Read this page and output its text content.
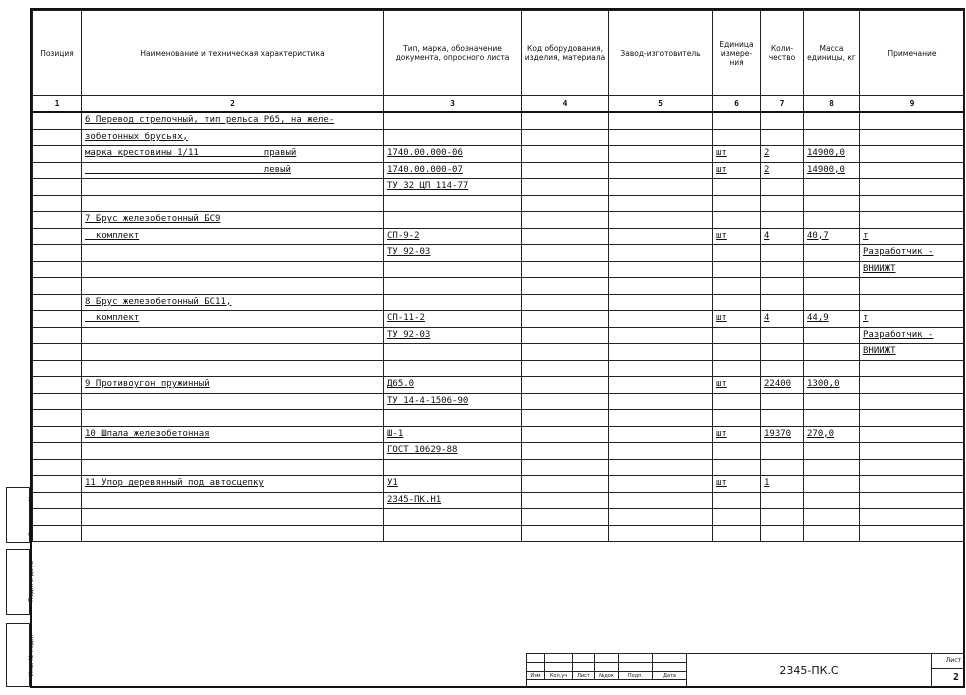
Позиция	Наименование и техническая характеристика	Тип, марка, обозначение документа, опросного листа	Код оборудования, изделия, материала	Завод-изготовитель	Единица измере-ния	Коли-чество	Масса единицы, кг	Примечание
1	2	3	4	5	6	7	8	9
	6 Перевод стрелочный, тип рельса Р65, на желе-							
	зобетонных брусьях,							
	марка крестовины 1/11            правый	1740.00.000-06			шт	2	14900,0	
	левый	1740.00.000-07			шт	2	14900,0	
		ТУ 32 ЦП 114-77						

	7 Брус железобетонный БС9							
	комплект	СП-9-2			шт	4	40,7	т
		ТУ 92-03						Разработчик -
								ВНИИЖТ

	8 Брус железобетонный БС11,							
	комплект	СП-11-2			шт	4	44,9	т
		ТУ 92-03						Разработчик -
								ВНИИЖТ

	9 Противоугон пружинный	Д65.0			шт	22400	1300,0	
		ТУ 14-4-1506-90						

	10 Шпала железобетонная	Ш-1			шт	19370	270,0	
		ГОСТ 10629-88						

	11 Упор деревянный под автосцепку	У1			шт	1		
		2345-ПК.Н1						

Взам. инв. №
Подп. и дата
Инв. № подл.	Изм	Кол.уч	Лист	№док	Подп.	Дата	2345-ПК.С
Лист
2
